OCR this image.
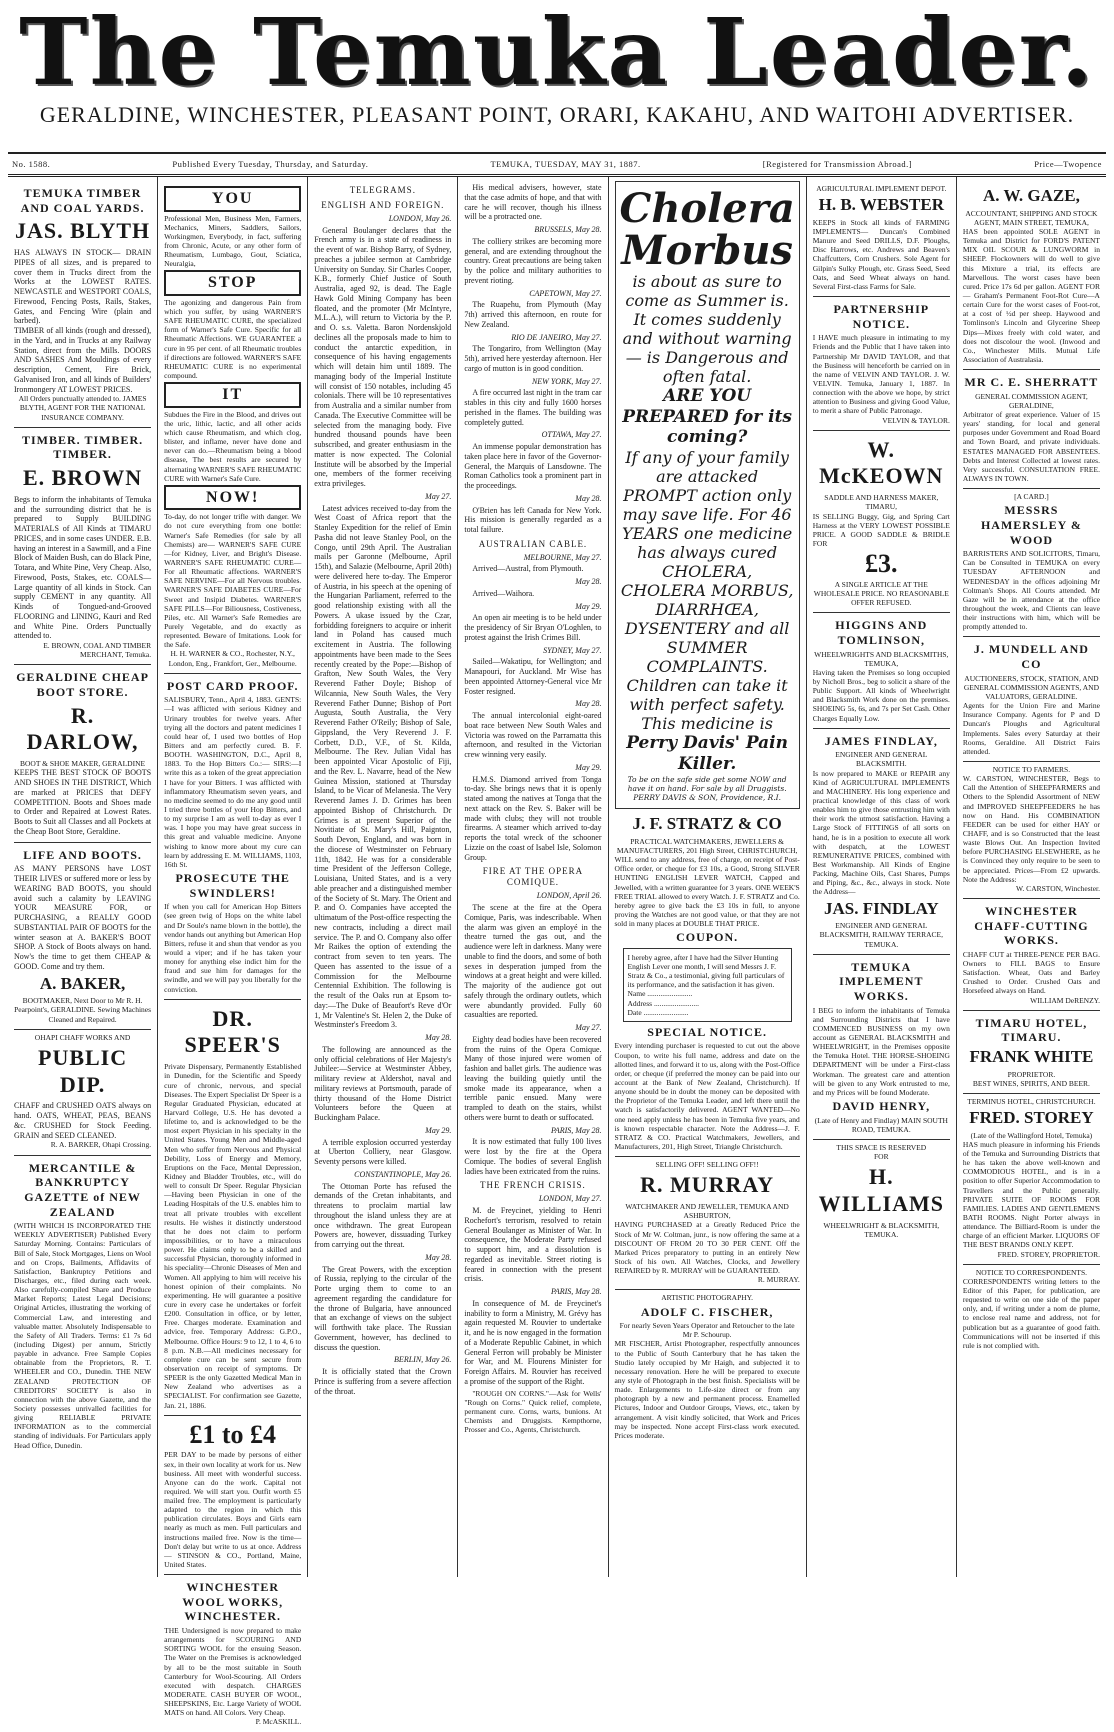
The Temuka Leader.
GERALDINE, WINCHESTER, PLEASANT POINT, ORARI, KAKAHU, AND WAITOHI ADVERTISER.
No. 1588.	Published Every Tuesday, Thursday, and Saturday.	TEMUKA, TUESDAY, MAY 31, 1887.	[Registered for Transmission Abroad.]	Price—Twopence
TEMUKA TIMBER AND COAL YARDS.
JAS. BLYTH
HAS ALWAYS IN STOCK— DRAIN PIPES of all sizes, and is prepared to cover them in Trucks direct from the Works at the LOWEST RATES. NEWCASTLE and WESTPORT COALS, Firewood, Fencing Posts, Rails, Stakes, Gates, and Fencing Wire (plain and barbed).
TIMBER of all kinds (rough and dressed), in the Yard, and in Trucks at any Railway Station, direct from the Mills. DOORS AND SASHES And Mouldings of every description, Cement, Fire Brick, Galvanised Iron, and all kinds of Builders' Ironmongery AT LOWEST PRICES.
All Orders punctually attended to. JAMES BLYTH, AGENT FOR THE NATIONAL INSURANCE COMPANY.
TIMBER. TIMBER. TIMBER.
E. BROWN
Begs to inform the inhabitants of Temuka and the surrounding district that he is prepared to Supply BUILDING MATERIALS of All Kinds at TIMARU PRICES, and in some cases UNDER. E.B. having an interest in a Sawmill, and a Fine Block of Maiden Bush, can do Black Pine, Totara, and White Pine, Very Cheap. Also, Firewood, Posts, Stakes, etc. COALS—Large quantity of all kinds in Stock. Can supply CEMENT in any quantity. All Kinds of Tongued-and-Grooved FLOORING and LINING, Kauri and Red and White Pine. Orders Punctually attended to.
E. BROWN, COAL AND TIMBER MERCHANT, Temuka.
GERALDINE CHEAP BOOT STORE.
R. DARLOW,
BOOT & SHOE MAKER, GERALDINE
KEEPS THE BEST STOCK OF BOOTS AND SHOES IN THE DISTRICT, Which are marked at PRICES that DEFY COMPETITION. Boots and Shoes made to Order and Repaired at Lowest Rates. Boots to Suit all Classes and all Pockets at the Cheap Boot Store, Geraldine.
LIFE AND BOOTS.
AS MANY PERSONS have LOST THEIR LIVES or suffered more or less by WEARING BAD BOOTS, you should avoid such a calamity by LEAVING YOUR MEASURE FOR, or PURCHASING, a REALLY GOOD SUBSTANTIAL PAIR OF BOOTS for the winter season at A. BAKER'S BOOT SHOP. A Stock of Boots always on hand. Now's the time to get them CHEAP & GOOD. Come and try them.
A. BAKER,
BOOTMAKER, Next Door to Mr R. H. Pearpoint's, GERALDINE. Sewing Machines Cleaned and Repaired.
OHAPI CHAFF WORKS AND
PUBLIC DIP.
CHAFF and CRUSHED OATS always on hand. OATS, WHEAT, PEAS, BEANS &c. CRUSHED for Stock Feeding. GRAIN and SEED CLEANED.
R. A. BARKER, Ohapi Crossing.
MERCANTILE & BANKRUPTCY GAZETTE of NEW ZEALAND
(WITH WHICH IS INCORPORATED THE WEEKLY ADVERTISER) Published Every Saturday Morning. Contains: Particulars of Bill of Sale, Stock Mortgages, Liens on Wool and on Crops, Bailments, Affidavits of Satisfaction, Bankruptcy Petitions and Discharges, etc., filed during each week. Also carefully-compiled Share and Produce Market Reports; Latest Legal Decisions; Original Articles, illustrating the working of Commercial Law, and interesting and valuable matter. Absolutely Indispensable to the Safety of All Traders. Terms: £1 7s 6d (including Digest) per annum, Strictly payable in advance. Free Sample Copies obtainable from the Proprietors, R. T. WHEELER and CO., Dunedin. THE NEW ZEALAND PROTECTION OF CREDITORS' SOCIETY is also in connection with the above Gazette, and the Society possesses unrivalled facilities for giving RELIABLE PRIVATE INFORMATION as to the commercial standing of individuals. For Particulars apply Head Office, Dunedin.
YOU
Professional Men, Business Men, Farmers, Mechanics, Miners, Saddlers, Sailors, Workingmen, Everybody, in fact, suffering from Chronic, Acute, or any other form of Rheumatism, Lumbago, Gout, Sciatica, Neuralgia,
STOP
The agonizing and dangerous Pain from which you suffer, by using WARNER'S SAFE RHEUMATIC CURE, the specialized form of Warner's Safe Cure. Specific for all Rheumatic Affections. WE GUARANTEE a cure in 95 per cent. of all Rheumatic troubles if directions are followed. WARNER'S SAFE RHEUMATIC CURE is no experimental compound.
IT
Subdues the Fire in the Blood, and drives out the uric, lithic, lactic, and all other acids which cause Rheumatism, and which clog, blister, and inflame, never have done and never can do.—Rheumatism being a blood disease, The best results are secured by alternating WARNER'S SAFE RHEUMATIC CURE with Warner's Safe Cure.
NOW!
To-day, do not longer trifle with danger. We do not cure everything from one bottle: Warner's Safe Remedies (for sale by all Chemists) are— WARNER'S SAFE CURE—for Kidney, Liver, and Bright's Disease. WARNER'S SAFE RHEUMATIC CURE—For all Rheumatic affections. WARNER'S SAFE NERVINE—For all Nervous troubles. WARNER'S SAFE DIABETES CURE—For Sweet and Insipid Diabetes. WARNER'S SAFE PILLS—For Biliousness, Costiveness, Piles, etc. All Warner's Safe Remedies are Purely Vegetable, and do exactly as represented. Beware of Imitations. Look for the Safe.
H. H. WARNER & CO., Rochester, N.Y., London, Eng., Frankfort, Ger., Melbourne.
POST CARD PROOF.
SALISBURY, Tenn., April 4, 1883. GENTS:—I was afflicted with serious Kidney and Urinary troubles for twelve years. After trying all the doctors and patent medicines I could hear of, I used two bottles of Hop Bitters and am perfectly cured. B. F. BOOTH. WASHINGTON, D.C., April 8, 1883. To the Hop Bitters Co.:— SIRS:—I write this as a token of the great appreciation I have for your Bitters. I was afflicted with inflammatory Rheumatism seven years, and no medicine seemed to do me any good until I tried three bottles of your Hop Bitters, and to my surprise I am as well to-day as ever I was. I hope you may have great success in this great and valuable medicine. Anyone wishing to know more about my cure can learn by addressing E. M. WILLIAMS, 1103, 16th St.
PROSECUTE THE SWINDLERS!
If when you call for American Hop Bitters (see green twig of Hops on the white label and Dr Soule's name blown in the bottle), the vendor hands out anything but American Hop Bitters, refuse it and shun that vendor as you would a viper; and if he has taken your money for anything else indict him for the fraud and sue him for damages for the swindle, and we will pay you liberally for the conviction.
DR. SPEER'S
Private Dispensary, Permanently Established in Dunedin, for the Scientific and Speedy cure of chronic, nervous, and special Diseases. The Expert Specialist Dr Speer is a Regular Graduated Physician, educated at Harvard College, U.S. He has devoted a lifetime to, and is acknowledged to be the most expert Physician in his specialty in the United States. Young Men and Middle-aged Men who suffer from Nervous and Physical Debility, Loss of Energy and Memory, Eruptions on the Face, Mental Depression, Kidney and Bladder Troubles, etc., will do well to consult Dr Speer. Regular Physician—Having been Physician in one of the Leading Hospitals of the U.S. enables him to treat all private troubles with excellent results. He wishes it distinctly understood that he does not claim to perform impossibilities, or to have a miraculous power. He claims only to be a skilled and successful Physician, thoroughly informed in his speciality—Chronic Diseases of Men and Women. All applying to him will receive his honest opinion of their complaints. No experimenting. He will guarantee a positive cure in every case he undertakes or forfeit £200. Consultation in office, or by letter, Free. Charges moderate. Examination and advice, free. Temporary Address: G.P.O., Melbourne. Office Hours: 9 to 12, 1 to 4, 6 to 8 p.m. N.B.—All medicines necessary for complete cure can be sent secure from observation on receipt of symptoms. Dr SPEER is the only Gazetted Medical Man in New Zealand who advertises as a SPECIALIST. For confirmation see Gazette, Jan. 21, 1886.
£1 to £4
PER DAY to be made by persons of either sex, in their own locality at work for us. New business. All meet with wonderful success. Anyone can do the work. Capital not required. We will start you. Outfit worth £5 mailed free. The employment is particularly adapted to the region in which this publication circulates. Boys and Girls earn nearly as much as men. Full particulars and instructions mailed free. Now is the time—Don't delay but write to us at once. Address— STINSON & CO., Portland, Maine, United States.
WINCHESTER WOOL WORKS, WINCHESTER.
THE Undersigned is now prepared to make arrangements for SCOURING AND SORTING WOOL for the ensuing Season. The Water on the Premises is acknowledged by all to be the most suitable in South Canterbury for Wool-Scouring. All Orders executed with despatch. CHARGES MODERATE. CASH BUYER OF WOOL, SHEEPSKINS, Etc. Large Variety of WOOL MATS on hand. All Colors. Very Cheap.
P. McASKILL.
TELEGRAMS.
ENGLISH AND FOREIGN.
LONDON, May 26.
General Boulanger declares that the French army is in a state of readiness in the event of war. Bishop Barry, of Sydney, preaches a jubilee sermon at Cambridge University on Sunday. Sir Charles Cooper, K.B., formerly Chief Justice of South Australia, aged 92, is dead. The Eagle Hawk Gold Mining Company has been floated, and the promoter (Mr McIntyre, M.L.A.), will return to Victoria by the P. and O. s.s. Valetta. Baron Nordenskjold declines all the proposals made to him to conduct the antarctic expedition, in consequence of his having engagements which will detain him until 1889. The managing body of the Imperial Institute will consist of 150 notables, including 45 colonials. There will be 10 representatives from Australia and a similar number from Canada. The Executive Committee will be selected from the managing body. Five hundred thousand pounds have been subscribed, and greater enthusiasm in the matter is now expected. The Colonial Institute will be absorbed by the Imperial one, members of the former receiving extra privileges.
May 27.
Latest advices received to-day from the West Coast of Africa report that the Stanley Expedition for the relief of Emin Pasha did not leave Stanley Pool, on the Congo, until 29th April. The Australian mails per Garonne (Melbourne, April 15th), and Salazie (Melbourne, April 20th) were delivered here to-day. The Emperor of Austria, in his speech at the opening of the Hungarian Parliament, referred to the good relationship existing with all the Powers. A ukase issued by the Czar, forbidding foreigners to acquire or inherit land in Poland has caused much excitement in Austria. The following appointments have been made to the Sees recently created by the Pope:—Bishop of Grafton, New South Wales, the Very Reverend Father Doyle; Bishop of Wilcannia, New South Wales, the Very Reverend Father Dunne; Bishop of Port Augusta, South Australia, the Very Reverend Father O'Reily; Bishop of Sale, Gippsland, the Very Reverend J. F. Corbett, D.D., V.F., of St. Kilda, Melbourne. The Rev. Julian Vidal has been appointed Vicar Apostolic of Fiji, and the Rev. L. Navarre, head of the New Guinea Mission, stationed at Thursday Island, to be Vicar of Melanesia. The Very Reverend James J. D. Grimes has been appointed Bishop of Christchurch. Dr Grimes is at present Superior of the Novitiate of St. Mary's Hill, Paignton, South Devon, England, and was born in the diocese of Westminster on February 11th, 1842. He was for a considerable time President of the Jefferson College, Louisiana, United States, and is a very able preacher and a distinguished member of the Society of St. Mary. The Orient and P. and O. Companies have accepted the ultimatum of the Post-office respecting the new contracts, including a direct mail service. The P. and O. Company also offer Mr Raikes the option of extending the contract from seven to ten years. The Queen has assented to the issue of a Commission for the Melbourne Centennial Exhibition. The following is the result of the Oaks run at Epsom to-day:—The Duke of Beaufort's Reve d'Or 1, Mr Valentine's St. Helen 2, the Duke of Westminster's Freedom 3.
May 28.
The following are announced as the only official celebrations of Her Majesty's Jubilee:—Service at Westminster Abbey, military review at Aldershot, naval and military reviews at Portsmouth, parade of thirty thousand of the Home District Volunteers before the Queen at Buckingham Palace.
May 29.
A terrible explosion occurred yesterday at Uberton Colliery, near Glasgow. Seventy persons were killed.
CONSTANTINOPLE, May 26.
The Ottoman Porte has refused the demands of the Cretan inhabitants, and threatens to proclaim martial law throughout the island unless they are at once withdrawn. The great European Powers are, however, dissuading Turkey from carrying out the threat.
May 28.
The Great Powers, with the exception of Russia, replying to the circular of the Porte urging them to come to an agreement regarding the candidature for the throne of Bulgaria, have announced that an exchange of views on the subject will forthwith take place. The Russian Government, however, has declined to discuss the question.
BERLIN, May 26.
It is officially stated that the Crown Prince is suffering from a severe affection of the throat.
His medical advisers, however, state that the case admits of hope, and that with care he will recover, though his illness will be a protracted one.
BRUSSELS, May 28.
The colliery strikes are becoming more general, and are extending throughout the country. Great precautions are being taken by the police and military authorities to prevent rioting.
CAPETOWN, May 27.
The Ruapehu, from Plymouth (May 7th) arrived this afternoon, en route for New Zealand.
RIO DE JANEIRO, May 27.
The Tongariro, from Wellington (May 5th), arrived here yesterday afternoon. Her cargo of mutton is in good condition.
NEW YORK, May 27.
A fire occurred last night in the tram car stables in this city and fully 1600 horses perished in the flames. The building was completely gutted.
OTTAWA, May 27.
An immense popular demonstration has taken place here in favor of the Governor-General, the Marquis of Lansdowne. The Roman Catholics took a prominent part in the proceedings.
May 28.
O'Brien has left Canada for New York. His mission is generally regarded as a total failure.
AUSTRALIAN CABLE.
MELBOURNE, May 27.
Arrived—Austral, from Plymouth.
May 28.
Arrived—Waihora.
May 29.
An open air meeting is to be held under the presidency of Sir Bryan O'Loghlen, to protest against the Irish Crimes Bill.
SYDNEY, May 27.
Sailed—Wakatipu, for Wellington; and Manapouri, for Auckland. Mr Wise has been appointed Attorney-General vice Mr Foster resigned.
May 28.
The annual intercolonial eight-oared boat race between New South Wales and Victoria was rowed on the Parramatta this afternoon, and resulted in the Victorian crew winning very easily.
May 29.
H.M.S. Diamond arrived from Tonga to-day. She brings news that it is openly stated among the natives at Tonga that the next attack on the Rev. S. Baker will be made with clubs; they will not trouble firearms. A steamer which arrived to-day reports the total wreck of the schooner Lizzie on the coast of Isabel Isle, Solomon Group.
FIRE AT THE OPERA COMIQUE.
LONDON, April 26.
The scene at the fire at the Opera Comique, Paris, was indescribable. When the alarm was given an employé in the theatre turned the gas out, and the audience were left in darkness. Many were unable to find the doors, and some of both sexes in desperation jumped from the windows at a great height and were killed. The majority of the audience got out safely through the ordinary outlets, which were abundantly provided. Fully 60 casualties are reported.
May 27.
Eighty dead bodies have been recovered from the ruins of the Opera Comique. Many of those injured were women of fashion and ballet girls. The audience was leaving the building quietly until the smoke made its appearance, when a terrible panic ensued. Many were trampled to death on the stairs, whilst others were burnt to death or suffocated.
PARIS, May 28.
It is now estimated that fully 100 lives were lost by the fire at the Opera Comique. The bodies of several English ladies have been extricated from the ruins.
THE FRENCH CRISIS.
LONDON, May 27.
M. de Freycinet, yielding to Henri Rochefort's terrorism, resolved to retain General Boulanger as Minister of War. In consequence, the Moderate Party refused to support him, and a dissolution is regarded as inevitable. Street rioting is feared in connection with the present crisis.
PARIS, May 28.
In consequence of M. de Freycinet's inability to form a Ministry, M. Grévy has again requested M. Rouvier to undertake it, and he is now engaged in the formation of a Moderate Republic Cabinet, in which General Ferron will probably be Minister for War, and M. Flourens Minister for Foreign Affairs. M. Rouvier has received a promise of the support of the Right.
"ROUGH ON CORNS."—Ask for Wells' "Rough on Corns." Quick relief, complete, permanent cure. Corns, warts, bunions. At Chemists and Druggists. Kempthorne, Prosser and Co., Agents, Christchurch.
Cholera
Morbus
is about as sure to come as Summer is. It comes suddenly and without warning — is Dangerous and often fatal.
ARE YOU PREPARED for its coming?
If any of your family are attacked PROMPT action only may save life. For 46 YEARS one medicine has always cured CHOLERA, CHOLERA MORBUS, DIARRHŒA, DYSENTERY and all SUMMER COMPLAINTS. Children can take it with perfect safety. This medicine is
Perry Davis' Pain Killer.
To be on the safe side get some NOW and have it on hand. For sale by all Druggists. PERRY DAVIS & SON, Providence, R.I.
J. F. STRATZ & CO
PRACTICAL WATCHMAKERS, JEWELLERS & MANUFACTURERS, 201 High Street, CHRISTCHURCH,
WILL send to any address, free of charge, on receipt of Post-Office order, or cheque for £3 10s, a Good, Strong SILVER HUNTING ENGLISH LEVER WATCH, Capped and Jewelled, with a written guarantee for 3 years. ONE WEEK'S FREE TRIAL allowed to every Watch. J. F. STRATZ and Co. hereby agree to give back the £3 10s in full, to anyone proving the Watches are not good value, or that they are not sold in many places at DOUBLE THAT PRICE.
COUPON.
I hereby agree, after I have had the Silver Hunting English Lever one month, I will send Messrs J. F. Stratz & Co., a testimonial, giving full particulars of its performance, and the satisfaction it has given.
Name ........................
Address ........................
Date ........................
SPECIAL NOTICE.
Every intending purchaser is requested to cut out the above Coupon, to write his full name, address and date on the allotted lines, and forward it to us, along with the Post-Office order, or cheque (if preferred the money can be paid into our account at the Bank of New Zealand, Christchurch). If anyone should be in doubt the money can be deposited with the Proprietor of the Temuka Leader, and left there until the watch is satisfactorily delivered. AGENT WANTED—No one need apply unless he has been in Temuka five years, and is known respectable character. Note the Address—J. F. STRATZ & CO. Practical Watchmakers, Jewellers, and Manufacturers, 201, High Street, Triangle Christchurch.
SELLING OFF! SELLING OFF!!
R. MURRAY
WATCHMAKER AND JEWELLER, TEMUKA AND ASHBURTON,
HAVING PURCHASED at a Greatly Reduced Price the Stock of Mr W. Coltman, junr., is now offering the same at a DISCOUNT OF FROM 20 TO 30 PER CENT. Off the Marked Prices preparatory to putting in an entirely New Stock of his own. All Watches, Clocks, and Jewellery REPAIRED by R. MURRAY will be GUARANTEED.
R. MURRAY.
ARTISTIC PHOTOGRAPHY.
ADOLF C. FISCHER,
For nearly Seven Years Operator and Retoucher to the late Mr P. Schourup.
MR FISCHER, Artist Photographer, respectfully announces to the Public of South Canterbury that he has taken the Studio lately occupied by Mr Haigh, and subjected it to necessary renovation. Here he will be prepared to execute any style of Photograph in the best finish. Specialists will be made. Enlargements to Life-size direct or from any photograph by a new and permanent process. Enamelled Pictures, Indoor and Outdoor Groups, Views, etc., taken by arrangement. A visit kindly solicited, that Work and Prices may be inspected. None accept First-class work executed. Prices moderate.
AGRICULTURAL IMPLEMENT DEPOT.
H. B. WEBSTER
KEEPS in Stock all kinds of FARMING IMPLEMENTS— Duncan's Combined Manure and Seed DRILLS, D.F. Ploughs, Disc Harrows, etc. Andrews and Beaven's Chaffcutters, Corn Crushers. Sole Agent for Gilpin's Sulky Plough, etc. Grass Seed, Seed Oats, and Seed Wheat always on hand. Several First-class Farms for Sale.
PARTNERSHIP NOTICE.
I HAVE much pleasure in intimating to my Friends and the Public that I have taken into Partnership Mr DAVID TAYLOR, and that the Business will henceforth be carried on in the name of VELVIN AND TAYLOR. J. W. VELVIN. Temuka, January 1, 1887. In connection with the above we hope, by strict attention to Business and giving Good Value, to merit a share of Public Patronage.
VELVIN & TAYLOR.
W. McKEOWN
SADDLE AND HARNESS MAKER, TIMARU,
IS SELLING Buggy, Gig, and Spring Cart Harness at the VERY LOWEST POSSIBLE PRICE. A GOOD SADDLE & BRIDLE FOR
£3.
A SINGLE ARTICLE AT THE WHOLESALE PRICE. NO REASONABLE OFFER REFUSED.
HIGGINS AND TOMLINSON,
WHEELWRIGHTS AND BLACKSMITHS, TEMUKA,
Having taken the Premises so long occupied by Nicholl Bros., beg to solicit a share of the Public Support. All kinds of Wheelwright and Blacksmith Work done on the premises. SHOEING 5s, 6s, and 7s per Set Cash. Other Charges Equally Low.
JAMES FINDLAY,
ENGINEER AND GENERAL BLACKSMITH.
Is now prepared to MAKE or REPAIR any Kind of AGRICULTURAL IMPLEMENTS and MACHINERY. His long experience and practical knowledge of this class of work enables him to give those entrusting him with their work the utmost satisfaction. Having a Large Stock of FITTINGS of all sorts on hand, he is in a position to execute all work with despatch, at the LOWEST REMUNERATIVE PRICES, combined with Best Workmanship. All Kinds of Engine Packing, Machine Oils, Cast Shares, Pumps and Piping, &c., &c., always in stock. Note the Address—
JAS. FINDLAY
ENGINEER AND GENERAL BLACKSMITH, RAILWAY TERRACE, TEMUKA.
TEMUKA IMPLEMENT WORKS.
I BEG to inform the inhabitants of Temuka and Surrounding Districts that I have COMMENCED BUSINESS on my own account as GENERAL BLACKSMITH and WHEELWRIGHT, in the Premises opposite the Temuka Hotel. THE HORSE-SHOEING DEPARTMENT will be under a First-class Workman. The greatest care and attention will be given to any Work entrusted to me, and my Prices will be found Moderate.
DAVID HENRY,
(Late of Henry and Findlay) MAIN SOUTH ROAD, TEMUKA.
THIS SPACE IS RESERVED
FOR
H. WILLIAMS
WHEELWRIGHT & BLACKSMITH, TEMUKA.
A. W. GAZE,
ACCOUNTANT, SHIPPING AND STOCK AGENT, MAIN STREET, TEMUKA,
HAS been appointed SOLE AGENT in Temuka and District for FORD'S PATENT MIX OIL SCOUR & LUNGWORM in SHEEP. Flockowners will do well to give this Mixture a trial, its effects are Marvellous. The worst cases have been cured. Price 17s 6d per gallon. AGENT FOR— Graham's Permanent Foot-Rot Cure—A certain Cure for the worst cases of Foot-rot, at a cost of ½d per sheep. Haywood and Tomlinson's Lincoln and Glycerine Sheep Dips—Mixes freely with cold water, and does not discolour the wool. (Inwood and Co., Winchester Mills. Mutual Life Association of Australasia.
MR C. E. SHERRATT
GENERAL COMMISSION AGENT, GERALDINE,
Arbitrator of great experience. Valuer of 15 years' standing, for local and general purposes under Government and Road Board and Town Board, and private individuals. ESTATES MANAGED FOR ABSENTEES. Debts and Interest Collected at lowest rates. Very successful. CONSULTATION FREE. ALWAYS IN TOWN.
[A CARD.]
MESSRS HAMERSLEY & WOOD
BARRISTERS AND SOLICITORS, Timaru, Can be Consulted in TEMUKA on every TUESDAY AFTERNOON and WEDNESDAY in the offices adjoining Mr Coltman's Shops. All Courts attended. Mr Gaze will be in attendance at the office throughout the week, and Clients can leave their instructions with him, which will be promptly attended to.
J. MUNDELL AND CO
AUCTIONEERS, STOCK, STATION, AND GENERAL COMMISSION AGENTS, AND VALUATORS, GERALDINE.
Agents for the Union Fire and Marine Insurance Company. Agents for P and D Duncan's Ploughs and Agricultural Implements. Sales every Saturday at their Rooms, Geraldine. All District Fairs attended.
NOTICE TO FARMERS.
W. CARSTON, WINCHESTER, Begs to Call the Attention of SHEEPFARMERS and Others to the Splendid Assortment of NEW and IMPROVED SHEEPFEEDERS he has now on Hand. His COMBINATION FEEDER can be used for either HAY or CHAFF, and is so Constructed that the least waste Blows Out. An Inspection Invited before PURCHASING ELSEWHERE, as he is Convinced they only require to be seen to be appreciated. Prices—From £2 upwards. Note the Address:
W. CARSTON, Winchester.
WINCHESTER CHAFF-CUTTING WORKS.
CHAFF CUT at THREE-PENCE PER BAG. Owners to FILL BAGS to Ensure Satisfaction. Wheat, Oats and Barley Crushed to Order. Crushed Oats and Horsefeed always on Hand.
WILLIAM DeRENZY.
TIMARU HOTEL, TIMARU.
FRANK WHITE
PROPRIETOR.
BEST WINES, SPIRITS, AND BEER.
TERMINUS HOTEL, CHRISTCHURCH.
FRED. STOREY
(Late of the Wallingford Hotel, Temuka)
HAS much pleasure in informing his Friends of the Temuka and Surrounding Districts that he has taken the above well-known and COMMODIOUS HOTEL, and is in a position to offer Superior Accommodation to Travellers and the Public generally. PRIVATE SUITE OF ROOMS FOR FAMILIES. LADIES AND GENTLEMEN'S BATH ROOMS. Night Porter always in attendance. The Billiard-Room is under the charge of an efficient Marker. LIQUORS OF THE BEST BRANDS ONLY KEPT.
FRED. STOREY, PROPRIETOR.
NOTICE TO CORRESPONDENTS.
CORRESPONDENTS writing letters to the Editor of this Paper, for publication, are requested to write on one side of the paper only, and, if writing under a nom de plume, to enclose real name and address, not for publication but as a guarantee of good faith. Communications will not be inserted if this rule is not complied with.
